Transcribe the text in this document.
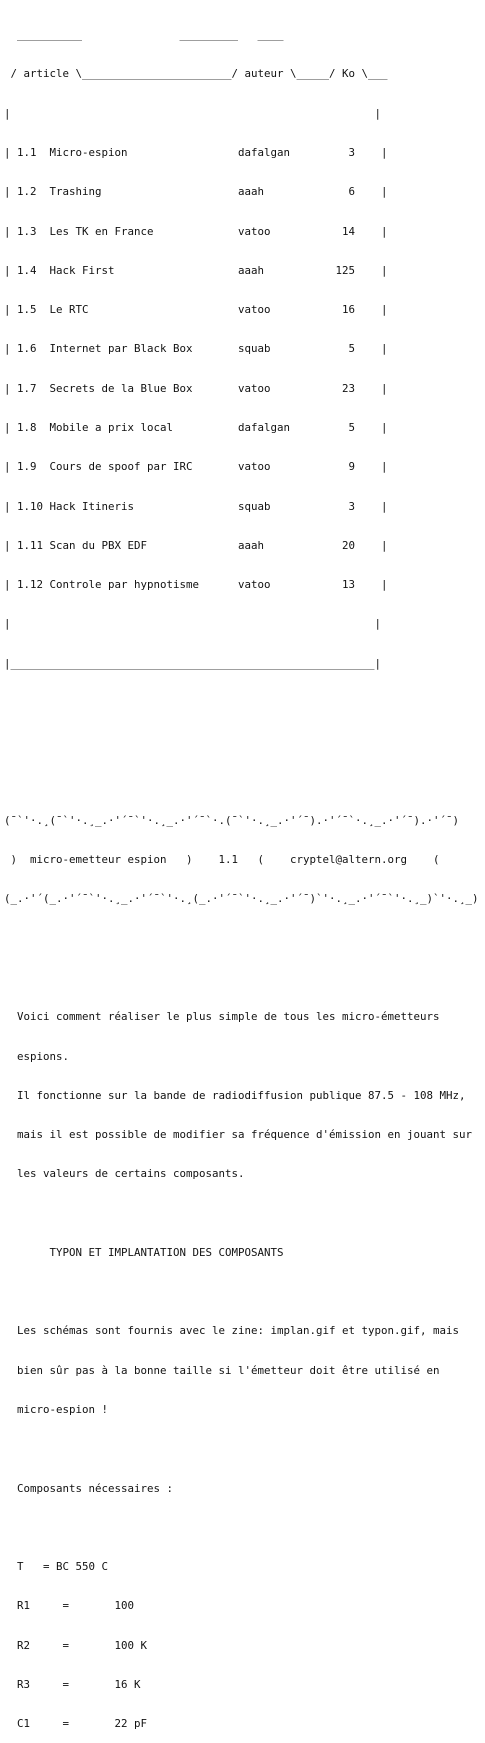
__________               _________   ____

/ article \_______________________/ auteur \_____/ Ko \___

|                                                        |

| 1.1  Micro-espion                 dafalgan         3    |

| 1.2  Trashing                     aaah             6    |

| 1.3  Les TK en France             vatoo           14    |

| 1.4  Hack First                   aaah           125    |

| 1.5  Le RTC                       vatoo           16    |

| 1.6  Internet par Black Box       squab            5    |

| 1.7  Secrets de la Blue Box       vatoo           23    |

| 1.8  Mobile a prix local          dafalgan         5    |

| 1.9  Cours de spoof par IRC       vatoo            9    |

| 1.10 Hack Itineris                squab            3    |

| 1.11 Scan du PBX EDF              aaah            20    |

| 1.12 Controle par hypnotisme      vatoo           13    |

|                                                        |

|________________________________________________________|

(¯`'·.¸(¯`'·.¸_.·'´¯`'·.¸_.·'´¯`·.(¯`'·.¸_.·'´¯).·'´¯`·.¸_.·'´¯).·'´¯)

)  micro-emetteur espion   )    1.1   (    cryptel@altern.org    (

(_.·'´(_.·'´¯`'·.¸_.·'´¯`'·.¸(_.·'´¯`'·.¸_.·'´¯)`'·.¸_.·'´¯`'·.¸_)`'·.¸_)

Voici comment réaliser le plus simple de tous les micro-émetteurs

espions.

Il fonctionne sur la bande de radiodiffusion publique 87.5 - 108 MHz,

mais il est possible de modifier sa fréquence d'émission en jouant sur

les valeurs de certains composants.

TYPON ET IMPLANTATION DES COMPOSANTS

Les schémas sont fournis avec le zine: implan.gif et typon.gif, mais

bien sûr pas à la bonne taille si l'émetteur doit être utilisé en

micro-espion !

Composants nécessaires :

T   = BC 550 C

R1     =       100

R2     =       100 K

R3     =       16 K

C1     =       22 pF
